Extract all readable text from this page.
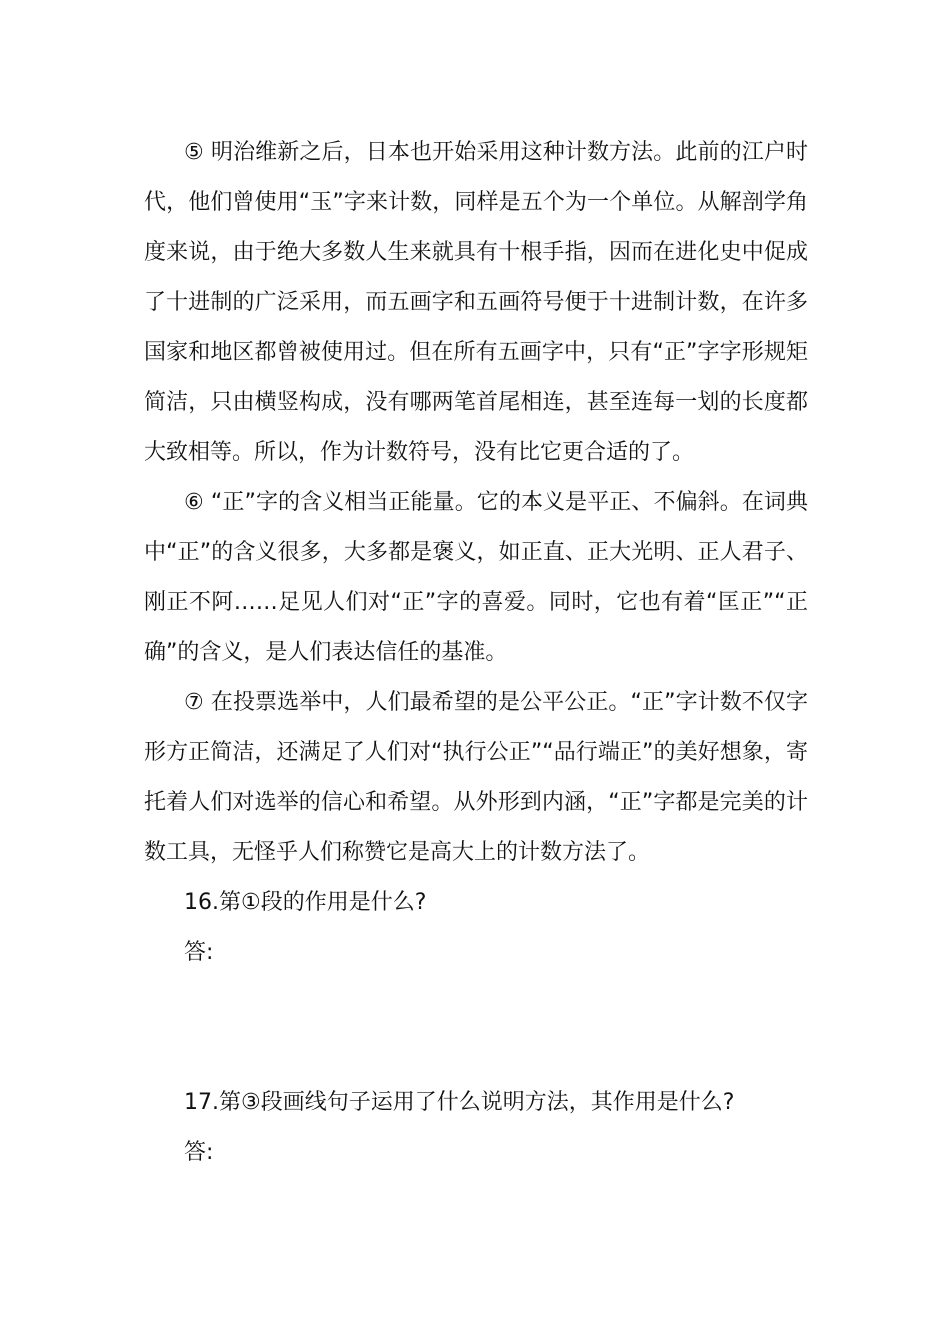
⑤ 明治维新之后，日本也开始采用这种计数方法。此前的江户时代，他们曾使用“玉”字来计数，同样是五个为一个单位。从解剖学角度来说，由于绝大多数人生来就具有十根手指，因而在进化史中促成了十进制的广泛采用，而五画字和五画符号便于十进制计数，在许多国家和地区都曾被使用过。但在所有五画字中，只有“正”字字形规矩简洁，只由横竖构成，没有哪两笔首尾相连，甚至连每一划的长度都大致相等。所以，作为计数符号，没有比它更合适的了。

⑥ “正”字的含义相当正能量。它的本义是平正、不偏斜。在词典中“正”的含义很多，大多都是褒义，如正直、正大光明、正人君子、刚正不阿……足见人们对“正”字的喜爱。同时，它也有着“匡正”“正确”的含义，是人们表达信任的基准。

⑦ 在投票选举中，人们最希望的是公平公正。“正”字计数不仅字形方正简洁，还满足了人们对“执行公正”“品行端正”的美好想象，寄托着人们对选举的信心和希望。从外形到内涵，“正”字都是完美的计数工具，无怪乎人们称赞它是高大上的计数方法了。

16.第①段的作用是什么?

答:

17.第③段画线句子运用了什么说明方法，其作用是什么?

答:
